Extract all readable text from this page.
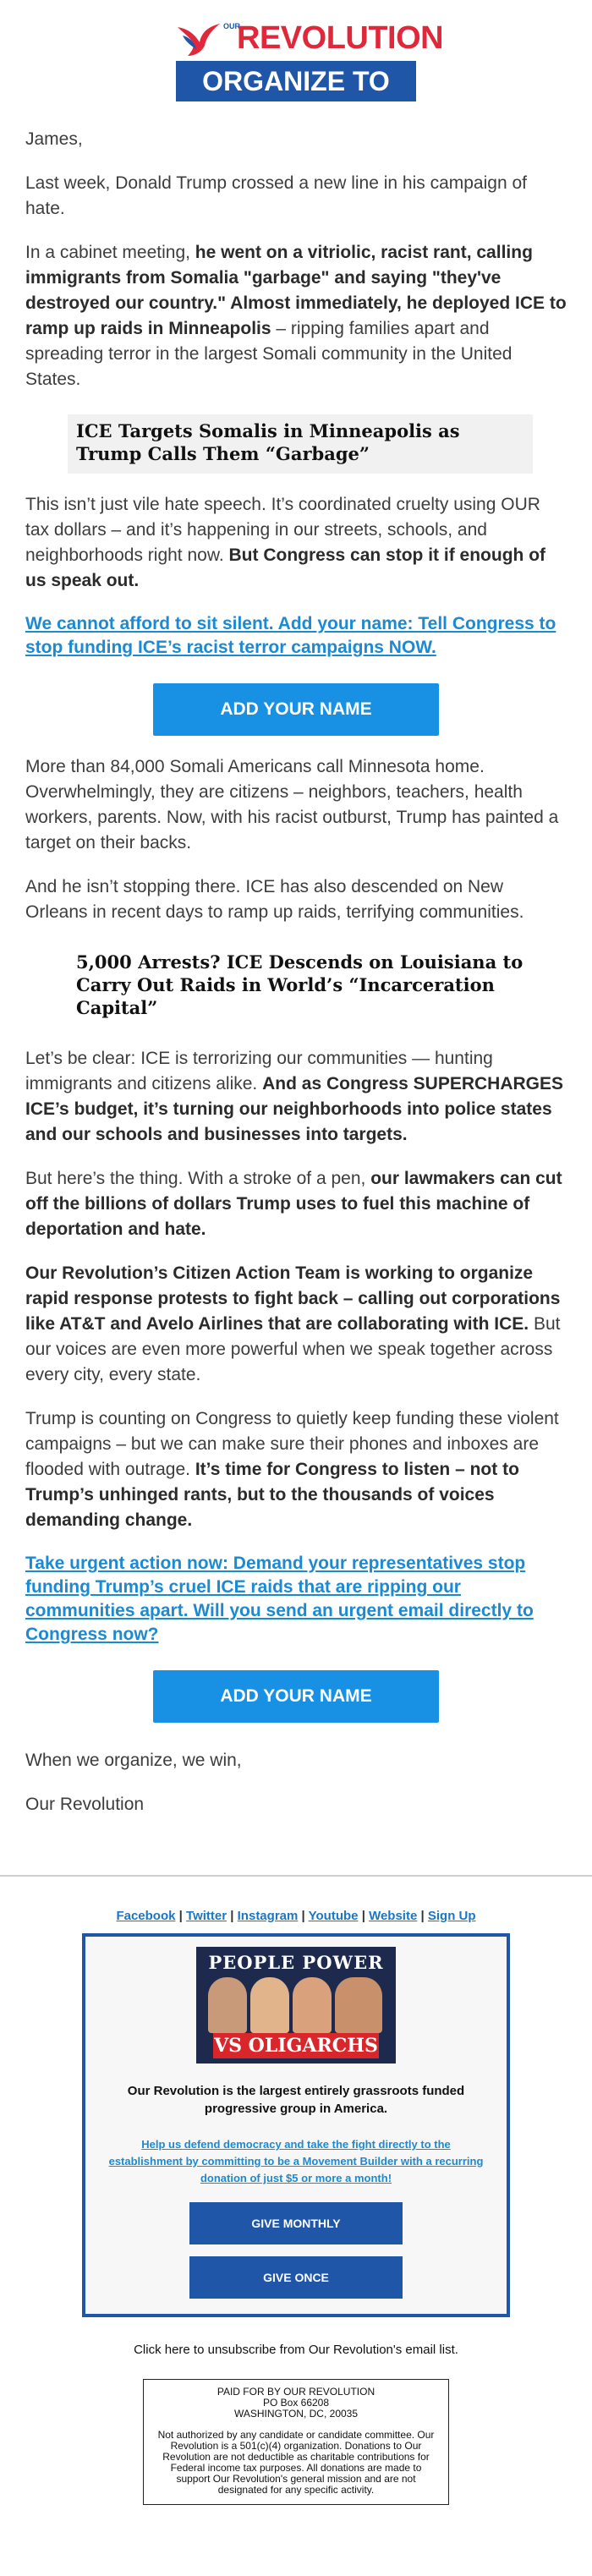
OUR
REVOLUTION
ORGANIZE TO WIN

James,

Last week, Donald Trump crossed a new line in his campaign of hate.

In a cabinet meeting, he went on a vitriolic, racist rant, calling immigrants from Somalia "garbage" and saying "they've destroyed our country." Almost immediately, he deployed ICE to ramp up raids in Minneapolis – ripping families apart and spreading terror in the largest Somali community in the United States.

ICE Targets Somalis in Minneapolis as Trump Calls Them “Garbage”

This isn’t just vile hate speech. It’s coordinated cruelty using OUR tax dollars – and it’s happening in our streets, schools, and neighborhoods right now. But Congress can stop it if enough of us speak out.

We cannot afford to sit silent. Add your name: Tell Congress to stop funding ICE’s racist terror campaigns NOW.
ADD YOUR NAME

More than 84,000 Somali Americans call Minnesota home. Overwhelmingly, they are citizens – neighbors, teachers, health workers, parents. Now, with his racist outburst, Trump has painted a target on their backs.

And he isn’t stopping there. ICE has also descended on New Orleans in recent days to ramp up raids, terrifying communities.

5,000 Arrests? ICE Descends on Louisiana to Carry Out Raids in World’s “Incarceration Capital”

Let’s be clear: ICE is terrorizing our communities — hunting immigrants and citizens alike. And as Congress SUPERCHARGES ICE’s budget, it’s turning our neighborhoods into police states and our schools and businesses into targets.

But here’s the thing. With a stroke of a pen, our lawmakers can cut off the billions of dollars Trump uses to fuel this machine of deportation and hate.

Our Revolution’s Citizen Action Team is working to organize rapid response protests to fight back – calling out corporations like AT&T and Avelo Airlines that are collaborating with ICE. But our voices are even more powerful when we speak together across every city, every state.

Trump is counting on Congress to quietly keep funding these violent campaigns – but we can make sure their phones and inboxes are flooded with outrage. It’s time for Congress to listen – not to Trump’s unhinged rants, but to the thousands of voices demanding change.

Take urgent action now: Demand your representatives stop funding Trump’s cruel ICE raids that are ripping our communities apart. Will you send an urgent email directly to Congress now?
ADD YOUR NAME

When we organize, we win,

Our Revolution

Facebook | Twitter | Instagram | Youtube | Website | Sign Up
PEOPLE POWER
VS OLIGARCHS
Our Revolution is the largest entirely grassroots funded progressive group in America.
Help us defend democracy and take the fight directly to the establishment by committing to be a Movement Builder with a recurring donation of just $5 or more a month!
GIVE MONTHLY
GIVE ONCE
Click here to unsubscribe from Our Revolution's email list.
PAID FOR BY OUR REVOLUTION
PO Box 66208
WASHINGTON, DC, 20035
Not authorized by any candidate or candidate committee. Our Revolution is a 501(c)(4) organization. Donations to Our Revolution are not deductible as charitable contributions for Federal income tax purposes. All donations are made to support Our Revolution's general mission and are not designated for any specific activity.
